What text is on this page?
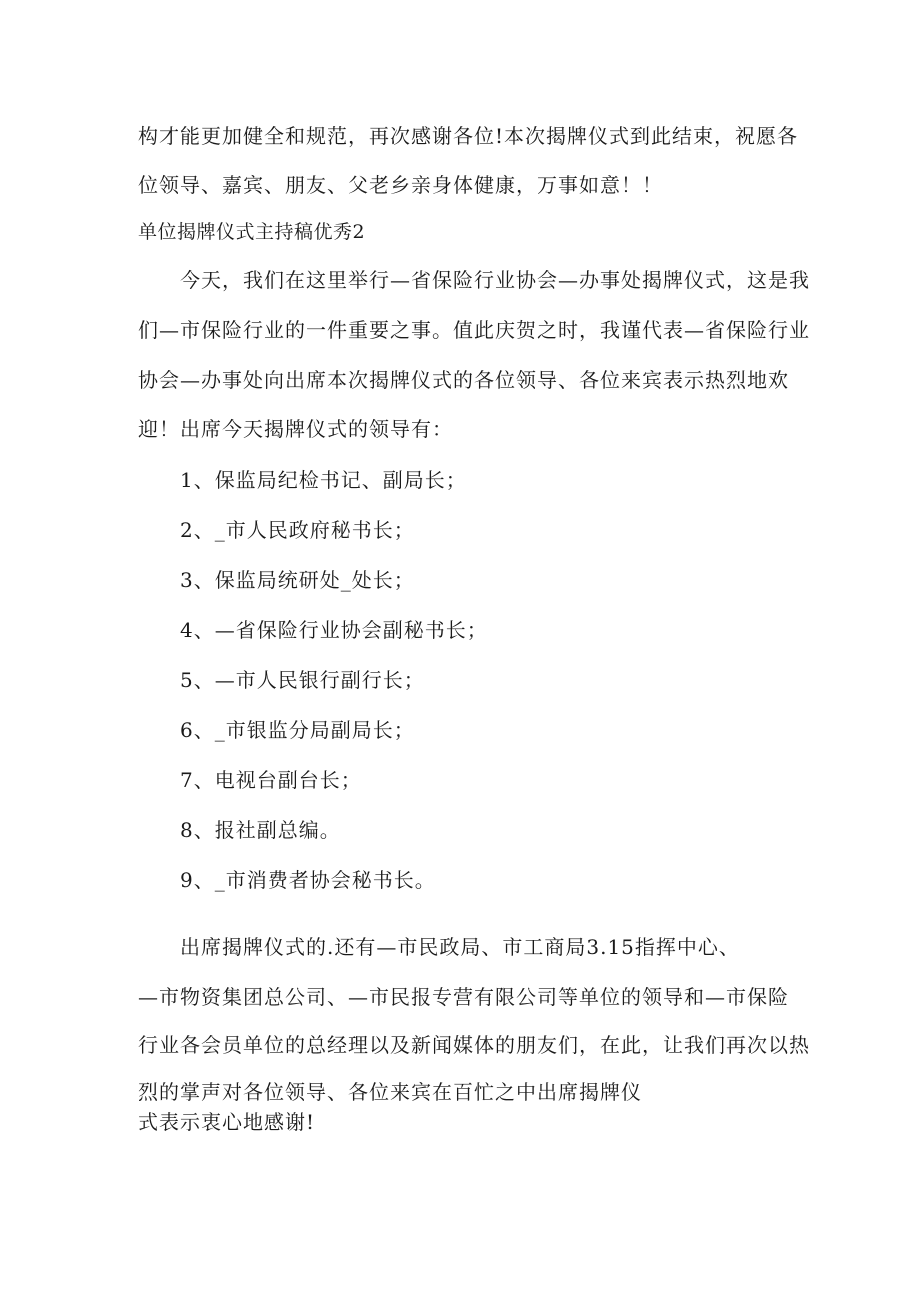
构才能更加健全和规范，再次感谢各位!本次揭牌仪式到此结束，祝愿各
位领导、嘉宾、朋友、父老乡亲身体健康，万事如意！！
单位揭牌仪式主持稿优秀2
今天，我们在这里举行—省保险行业协会—办事处揭牌仪式，这是我
们—市保险行业的一件重要之事。值此庆贺之时，我谨代表—省保险行业
协会—办事处向出席本次揭牌仪式的各位领导、各位来宾表示热烈地欢
迎！出席今天揭牌仪式的领导有：
1、保监局纪检书记、副局长；
2、_市人民政府秘书长；
3、保监局统研处_处长；
4、—省保险行业协会副秘书长；
5、—市人民银行副行长；
6、_市银监分局副局长；
7、电视台副台长；
8、报社副总编。
9、_市消费者协会秘书长。
出席揭牌仪式的.还有—市民政局、市工商局3.15指挥中心、
—市物资集团总公司、—市民报专营有限公司等单位的领导和—市保险
行业各会员单位的总经理以及新闻媒体的朋友们，在此，让我们再次以热
烈的掌声对各位领导、各位来宾在百忙之中出席揭牌仪
式表示衷心地感谢!
